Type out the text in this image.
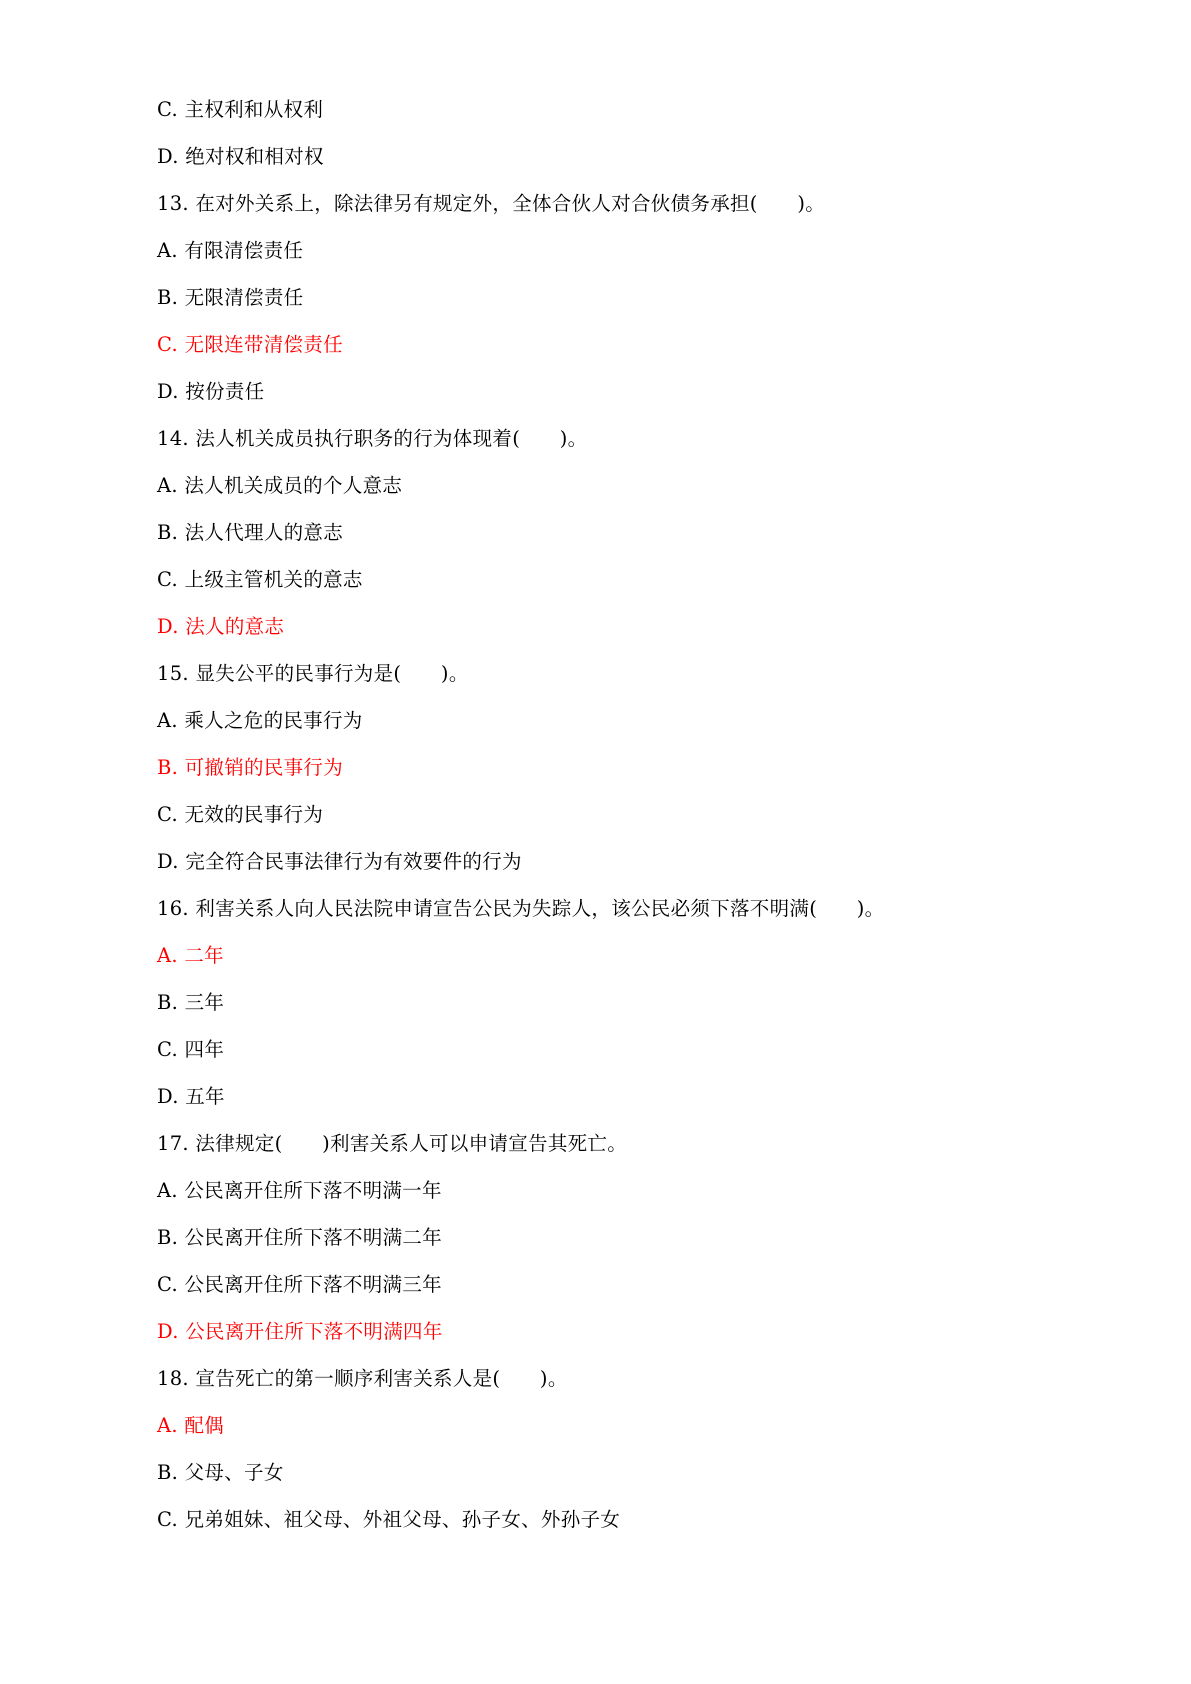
C. 主权利和从权利
D. 绝对权和相对权
13. 在对外关系上，除法律另有规定外，全体合伙人对合伙债务承担(　　)。
A. 有限清偿责任
B. 无限清偿责任
C. 无限连带清偿责任
D. 按份责任
14. 法人机关成员执行职务的行为体现着(　　)。
A. 法人机关成员的个人意志
B. 法人代理人的意志
C. 上级主管机关的意志
D. 法人的意志
15. 显失公平的民事行为是(　　)。
A. 乘人之危的民事行为
B. 可撤销的民事行为
C. 无效的民事行为
D. 完全符合民事法律行为有效要件的行为
16. 利害关系人向人民法院申请宣告公民为失踪人，该公民必须下落不明满(　　)。
A. 二年
B. 三年
C. 四年
D. 五年
17. 法律规定(　　)利害关系人可以申请宣告其死亡。
A. 公民离开住所下落不明满一年
B. 公民离开住所下落不明满二年
C. 公民离开住所下落不明满三年
D. 公民离开住所下落不明满四年
18. 宣告死亡的第一顺序利害关系人是(　　)。
A. 配偶
B. 父母、子女
C. 兄弟姐妹、祖父母、外祖父母、孙子女、外孙子女
